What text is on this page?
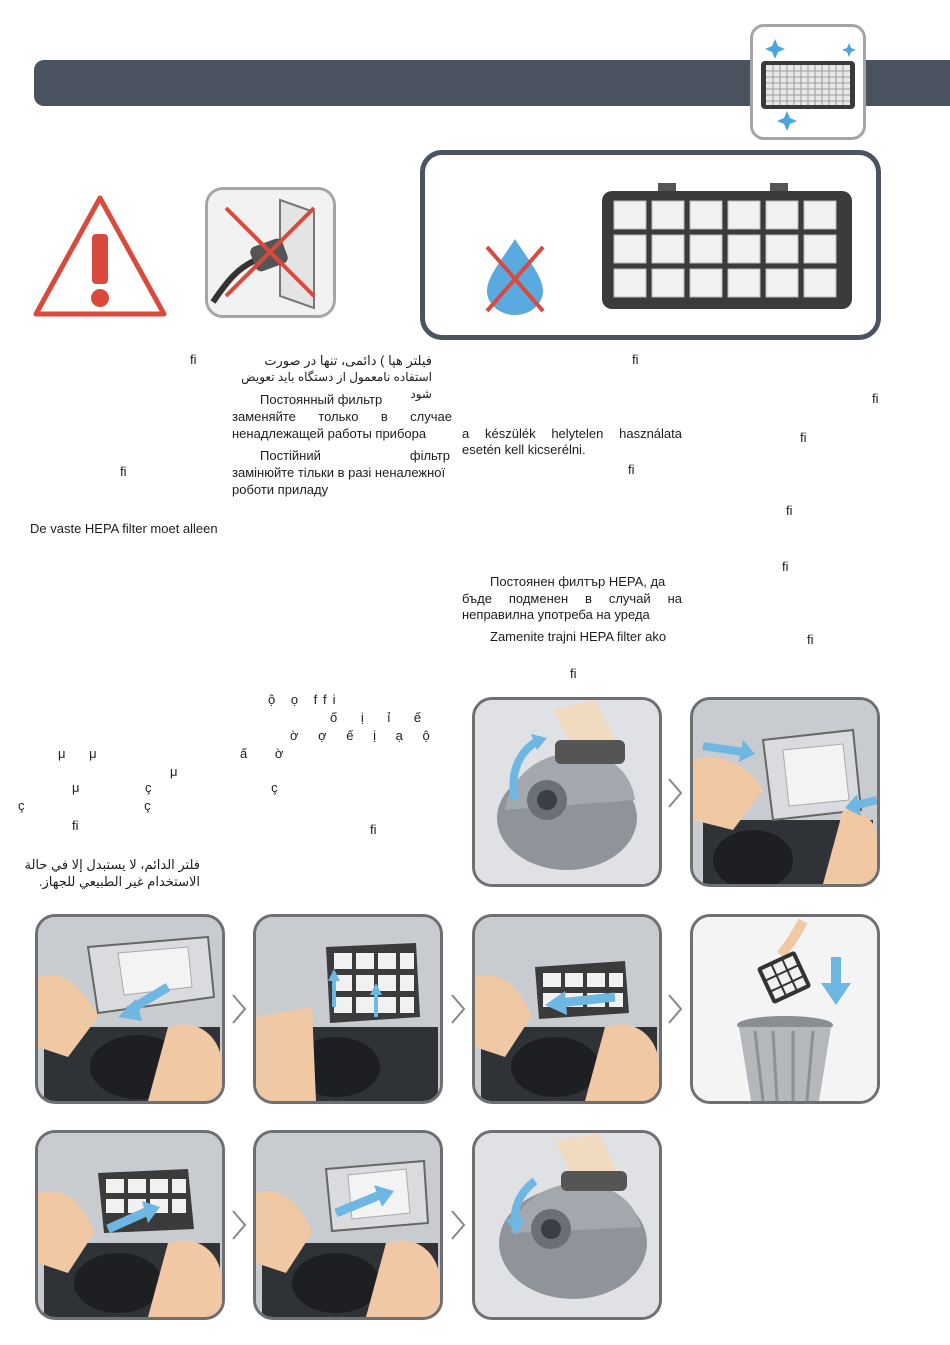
فیلتر هپا ) دائمی، تنها در صورت
استفاده نامعمول از دستگاه باید تعویض شود
Постоянный фильтр
заменяйте только в случае
ненадлежащей работы прибора
Постійний фільтр
замінюйте тільки в разі неналежної
роботи приладу
a készülék helytelen használata
esetén kell kicserélni.
Постоянен филтър HEPA, да
бъде подменен в случай на
неправилна употреба на уреда
Zamenite trajni HEPA filter ako
De vaste HEPA filter moet alleen
ﬁ
ﬁ
ﬁ
ﬁ
ﬁ
ﬁ
ﬁ
ﬁ
ﬁ
ﬁ
ﬁ	ﬁ
ộ ọ ffi
ố ị ỉ ế
ờ ợ ế ị ạ ộ
ấ ờ
μ μ
μ
μ	ç ç
ç ç
فلتر الدائم، لا يستبدل إلا في حالة
الاستخدام غير الطبيعي للجهاز.
